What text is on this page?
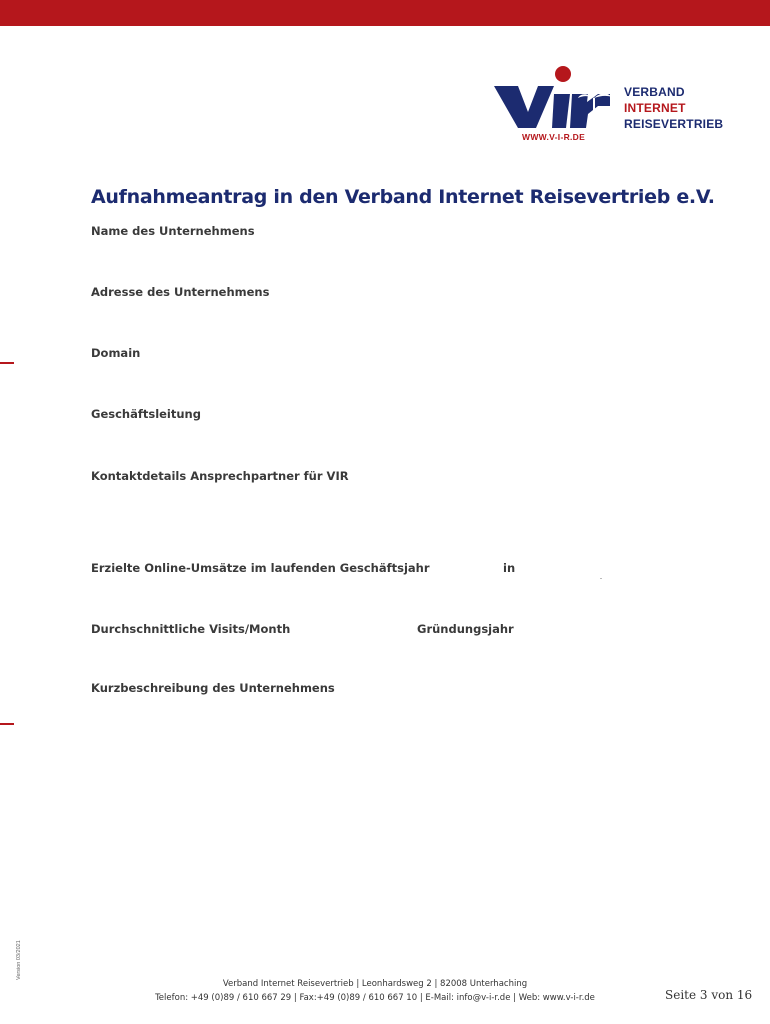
VERBAND
INTERNET
REISEVERTRIEB
WWW.V-I-R.DE
Aufnahmeantrag in den Verband Internet Reisevertrieb e.V.
Name des Unternehmens
Adresse des Unternehmens
Domain
Geschäftsleitung
Kontaktdetails Ansprechpartner für VIR
Erzielte Online-Umsätze im laufenden Geschäftsjahr	in
Durchschnittliche Visits/Month	Gründungsjahr
Kurzbeschreibung des Unternehmens
Version 03/2021
Verband Internet Reisevertrieb | Leonhardsweg 2 | 82008 Unterhaching
Telefon: +49 (0)89 / 610 667 29 | Fax:+49 (0)89 / 610 667 10 | E-Mail: info@v-i-r.de | Web: www.v-i-r.de	Seite 3 von 16
